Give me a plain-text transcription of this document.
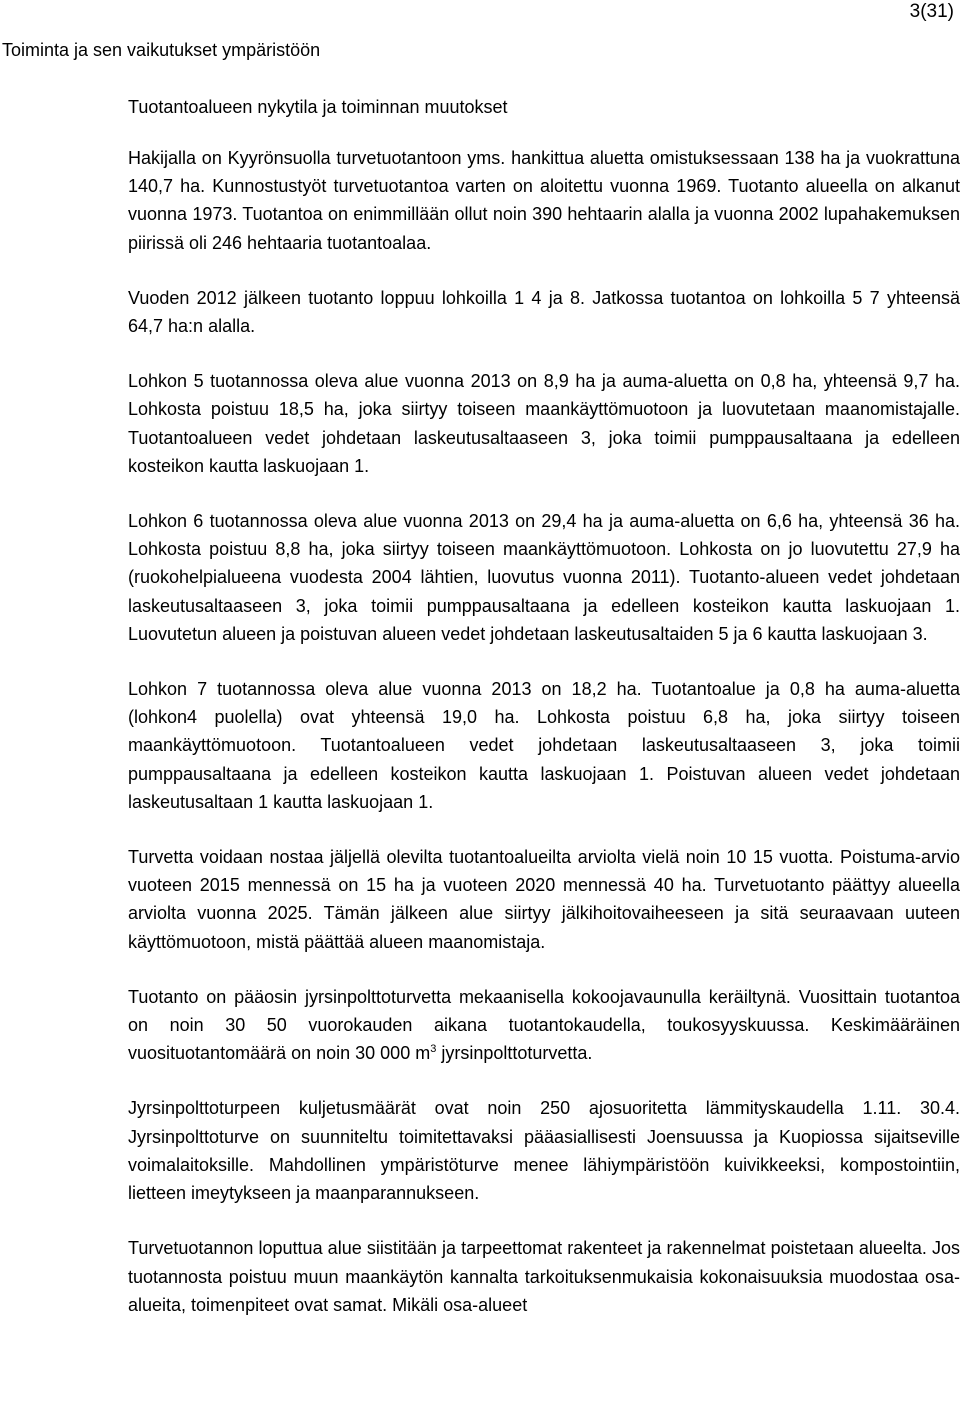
3(31)
Toiminta ja sen vaikutukset ympäristöön
Tuotantoalueen nykytila ja toiminnan muutokset

Hakijalla on Kyyrönsuolla turvetuotantoon yms. hankittua aluetta omistuksessaan 138 ha ja vuokrattuna 140,7 ha. Kunnostustyöt turvetuotantoa varten on aloitettu vuonna 1969. Tuotanto alueella on alkanut vuonna 1973. Tuotantoa on enimmillään ollut noin 390 hehtaarin alalla ja vuonna 2002 lupahakemuksen piirissä oli 246 hehtaaria tuotantoalaa.

Vuoden 2012 jälkeen tuotanto loppuu lohkoilla 1 4 ja 8. Jatkossa tuotantoa on lohkoilla 5 7 yhteensä 64,7 ha:n alalla.

Lohkon 5 tuotannossa oleva alue vuonna 2013 on 8,9 ha ja auma-aluetta on 0,8 ha, yhteensä 9,7 ha. Lohkosta poistuu 18,5 ha, joka siirtyy toiseen maankäyttömuotoon ja luovutetaan maanomistajalle. Tuotantoalueen vedet johdetaan laskeutusaltaaseen 3, joka toimii pumppausaltaana ja edelleen kosteikon kautta laskuojaan 1.

Lohkon 6 tuotannossa oleva alue vuonna 2013 on 29,4 ha ja auma-aluetta on 6,6 ha, yhteensä 36 ha. Lohkosta poistuu 8,8 ha, joka siirtyy toiseen maankäyttömuotoon. Lohkosta on jo luovutettu 27,9 ha (ruokohelpialueena vuodesta 2004 lähtien, luovutus vuonna 2011). Tuotanto-alueen vedet johdetaan laskeutusaltaaseen 3, joka toimii pumppausaltaana ja edelleen kosteikon kautta laskuojaan 1. Luovutetun alueen ja poistuvan alueen vedet johdetaan laskeutusaltaiden 5 ja 6 kautta laskuojaan 3.

Lohkon 7 tuotannossa oleva alue vuonna 2013 on 18,2 ha. Tuotantoalue ja 0,8 ha auma-aluetta (lohkon4 puolella) ovat yhteensä 19,0 ha. Lohkosta poistuu 6,8 ha, joka siirtyy toiseen maankäyttömuotoon. Tuotantoalueen vedet johdetaan laskeutusaltaaseen 3, joka toimii pumppausaltaana ja edelleen kosteikon kautta laskuojaan 1. Poistuvan alueen vedet johdetaan laskeutusaltaan 1 kautta laskuojaan 1.

Turvetta voidaan nostaa jäljellä olevilta tuotantoalueilta arviolta vielä noin 10 15 vuotta. Poistuma-arvio vuoteen 2015 mennessä on 15 ha ja vuoteen 2020 mennessä 40 ha. Turvetuotanto päättyy alueella arviolta vuonna 2025. Tämän jälkeen alue siirtyy jälkihoitovaiheeseen ja sitä seuraavaan uuteen käyttömuotoon, mistä päättää alueen maanomistaja.

Tuotanto on pääosin jyrsinpolttoturvetta mekaanisella kokoojavaunulla keräiltynä. Vuosittain tuotantoa on noin 30 50 vuorokauden aikana tuotantokaudella, toukosyyskuussa. Keskimääräinen vuosituotantomäärä on noin 30 000 $m^3$ jyrsinpolttoturvetta.

Jyrsinpolttoturpeen kuljetusmäärät ovat noin 250 ajosuoritetta lämmityskaudella 1.11. 30.4. Jyrsinpolttoturve on suunniteltu toimitettavaksi pääasiallisesti Joensuussa ja Kuopiossa sijaitseville voimalaitoksille. Mahdollinen ympäristöturve menee lähiympäristöön kuivikkeeksi, kompostointiin, lietteen imeytykseen ja maanparannukseen.

Turvetuotannon loputtua alue siistitään ja tarpeettomat rakenteet ja rakennelmat poistetaan alueelta. Jos tuotannosta poistuu muun maankäytön kannalta tarkoituksenmukaisia kokonaisuuksia muodostaa osa-alueita, toimenpiteet ovat samat. Mikäli osa-alueet
